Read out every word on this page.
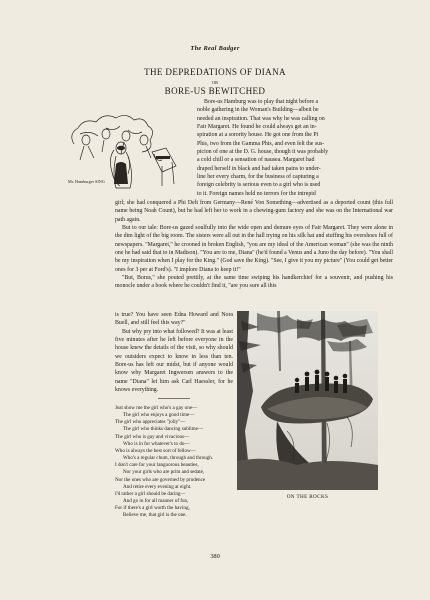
The Real Badger
THE DEPREDATIONS OF DIANA
OR
BORE-US BEWITCHED
Mr. Hamburger SING
Bore-us Hamburg was to play that night before a
noble gathering in the Woman's Building—albeit he
needed an inspiration. That was why he was calling on
Fair Margaret. He found he could always get an in-
spiration at a sorority house. He got one from the Pi
Phis, two from the Gamma Phis, and even felt the sus-
picion of one at the D. G. house, though it was probably
a cold chill or a sensation of nausea. Margaret had
draped herself in black and had taken pains to under-
line her every charm, for the business of capturing a
foreign celebrity is serious even to a girl who is used
to it. Foreign names held no terrors for the intrepid

girl; she had conquered a Phi Delt from Germany—René Von Something—advertised as a deported count (this full name being Noah Count), but he had left her to work in a chewing-gum factory and she was on the International war path again.

But to our tale: Bore-us gazed soulfully into the wide open and demure eyes of Fair Margaret. They were alone in the dim light of the big room. The sisters were all out in the hall trying on his silk hat and stuffing his overshoes full of newspapers. "Margaret," he crooned in broken English, "you are my ideal of the American woman" (she was the ninth one he had said that to in Madison). "You are to me, Diana" (he'd found a Venus and a Juno the day before). "You shall be my inspiration when I play for the King." (God save the King). "See, I give it you my picture" (You could get better ones for 3 per at Ford's). "I implore Diana to keep it!"

"But, Borus," she pouted prettily, at the same time swiping his handkerchief for a souvenir, and pushing his monocle under a book where he couldn't find it, "are you sure all this

is true? You have seen Edna Howard and Nora Buell, and still feel this way?"

But why pry into what followed? It was at least five minutes after he left before everyone in the house knew the details of the visit, so why should we outsiders expect to know in less than ten. Bore-us has left our midst, but if anyone would know why Margaret Ingwersen answers to the name "Diana" let him ask Carl Haessler, for he knows everything.

Just show me the girl who's a gay one—
The girl who enjoys a good time—
The girl who appreciates "jolly"—
The girl who thinks dancing sublime—
The girl who is gay and vivacious—
Who is in for whatever's to do—
Who is always the best sort of fellow—
Who's a regular chum, through and through.
I don't care for your languorous beauties,
Nor your girls who are prim and sedate,
Nor the ones who are governed by prudence
And retire every evening at eight.
I'd rather a girl should be daring—
And go in for all manner of fun,
For if there's a girl worth the having,
Believe me, that girl is the one.
ON THE ROCKS
380
